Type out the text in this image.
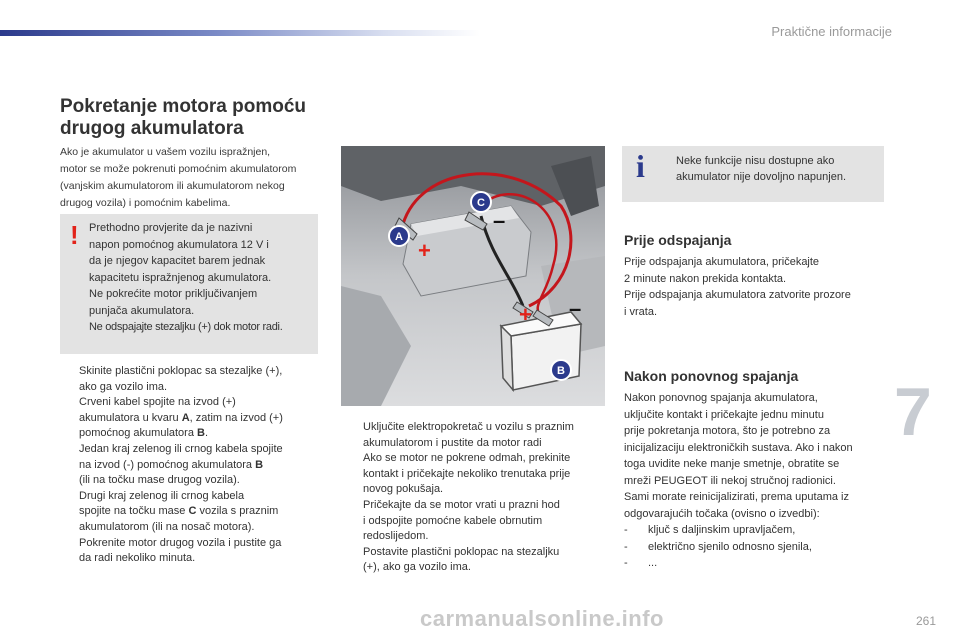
Praktične informacije
7
261
Pokretanje motora pomoću
drugog akumulatora
Ako je akumulator u vašem vozilu ispražnjen,
motor se može pokrenuti pomoćnim akumulatorom
(vanjskim akumulatorom ili akumulatorom nekog
drugog vozila) i pomoćnim kabelima.
! Prethodno provjerite da je nazivni
napon pomoćnog akumulatora 12 V i
da je njegov kapacitet barem jednak
kapacitetu ispražnjenog akumulatora.
Ne pokrećite motor priključivanjem
punjača akumulatora.
Ne odspajajte stezaljku (+) dok motor radi.
Skinite plastični poklopac sa stezaljke (+),
ako ga vozilo ima.
Crveni kabel spojite na izvod (+)
akumulatora u kvaru A, zatim na izvod (+)
pomoćnog akumulatora B.
Jedan kraj zelenog ili crnog kabela spojite
na izvod (-) pomoćnog akumulatora B
(ili na točku mase drugog vozila).
Drugi kraj zelenog ili crnog kabela
spojite na točku mase C vozila s praznim
akumulatorom (ili na nosač motora).
Pokrenite motor drugog vozila i pustite ga
da radi nekoliko minuta.
+
–
+ –
A
C
B
Uključite elektropokretač u vozilu s praznim
akumulatorom i pustite da motor radi
Ako se motor ne pokrene odmah, prekinite
kontakt i pričekajte nekoliko trenutaka prije
novog pokušaja.
Pričekajte da se motor vrati u prazni hod
i odspojite pomoćne kabele obrnutim
redoslijedom.
Postavite plastični poklopac na stezaljku
(+), ako ga vozilo ima.
i	Neke funkcije nisu dostupne ako
akumulator nije dovoljno napunjen.
Prije odspajanja
Prije odspajanja akumulatora, pričekajte
2 minute nakon prekida kontakta.
Prije odspajanja akumulatora zatvorite prozore
i vrata.
Nakon ponovnog spajanja
Nakon ponovnog spajanja akumulatora,
uključite kontakt i pričekajte jednu minutu
prije pokretanja motora, što je potrebno za
inicijalizaciju elektroničkih sustava. Ako i nakon
toga uvidite neke manje smetnje, obratite se
mreži PEUGEOT ili nekoj stručnoj radionici.
Sami morate reinicijalizirati, prema uputama iz
odgovarajućih točaka (ovisno o izvedbi):
- ključ s daljinskim upravljačem,
- električno sjenilo odnosno sjenila,
- ...
carmanualsonline.info
